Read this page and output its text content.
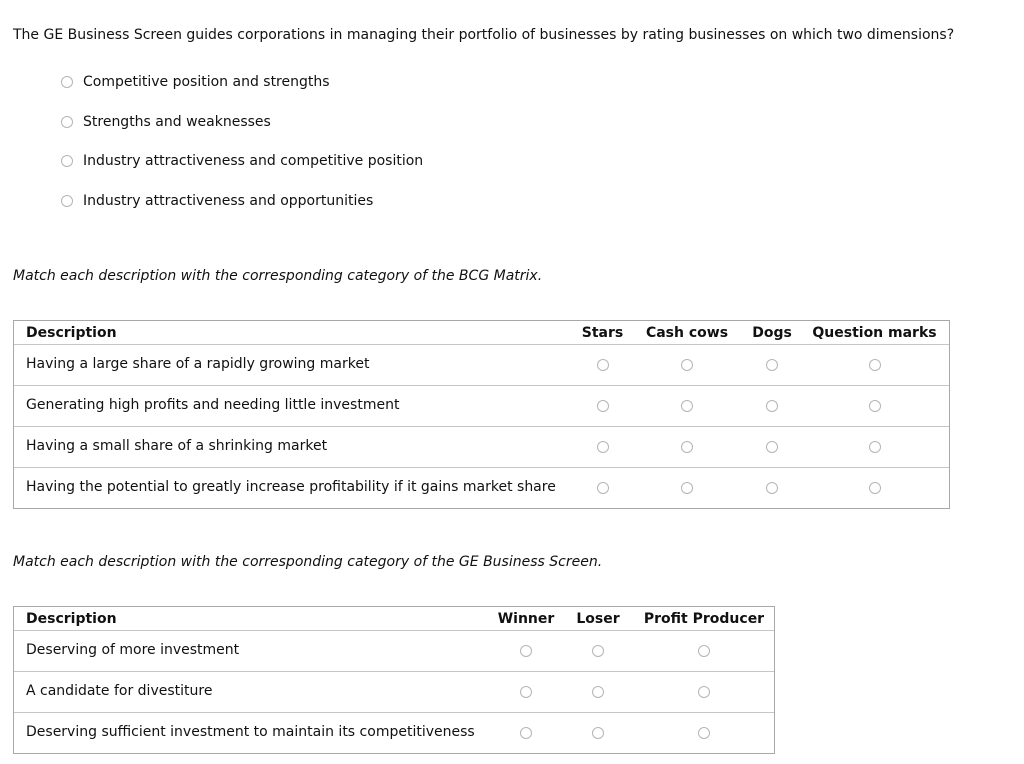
The GE Business Screen guides corporations in managing their portfolio of businesses by rating businesses on which two dimensions?
Competitive position and strengths
Strengths and weaknesses
Industry attractiveness and competitive position
Industry attractiveness and opportunities
Match each description with the corresponding category of the BCG Matrix.
Description	Stars	Cash cows	Dogs	Question marks
Having a large share of a rapidly growing market
Generating high profits and needing little investment
Having a small share of a shrinking market
Having the potential to greatly increase profitability if it gains market share
Match each description with the corresponding category of the GE Business Screen.
Description	Winner	Loser	Profit Producer
Deserving of more investment
A candidate for divestiture
Deserving sufficient investment to maintain its competitiveness
